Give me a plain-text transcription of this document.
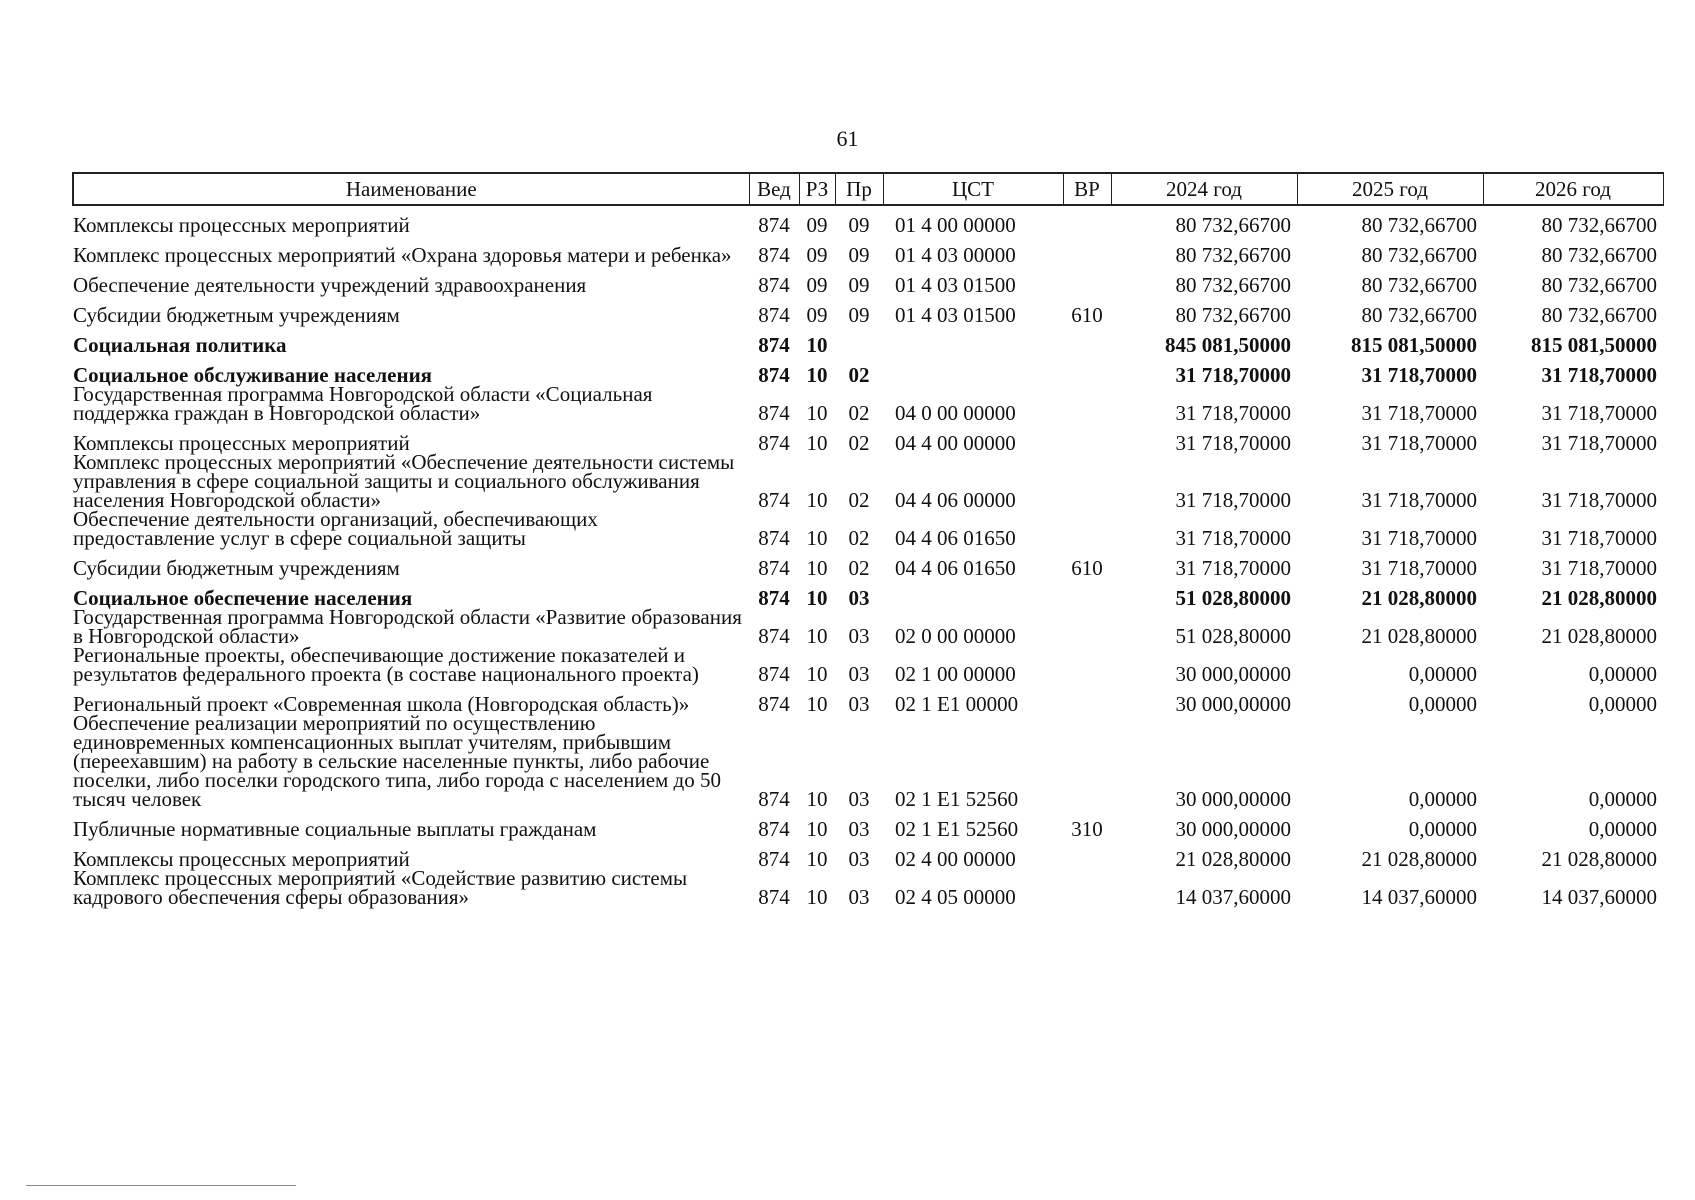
61
Наименование	Вед	РЗ	Пр	ЦСТ	ВР	2024 год	2025 год	2026 год
Комплексы процессных мероприятий	874	09	09	01 4 00 00000		80 732,66700	80 732,66700	80 732,66700
Комплекс процессных мероприятий «Охрана здоровья матери и ребенка»	874	09	09	01 4 03 00000		80 732,66700	80 732,66700	80 732,66700
Обеспечение деятельности учреждений здравоохранения	874	09	09	01 4 03 01500		80 732,66700	80 732,66700	80 732,66700
Субсидии бюджетным учреждениям	874	09	09	01 4 03 01500	610	80 732,66700	80 732,66700	80 732,66700
Социальная политика	874	10				845 081,50000	815 081,50000	815 081,50000
Социальное обслуживание населения	874	10	02			31 718,70000	31 718,70000	31 718,70000
Государственная программа Новгородской области «Социальная поддержка граждан в Новгородской области»	874	10	02	04 0 00 00000		31 718,70000	31 718,70000	31 718,70000
Комплексы процессных мероприятий	874	10	02	04 4 00 00000		31 718,70000	31 718,70000	31 718,70000
Комплекс процессных мероприятий «Обеспечение деятельности системы управления в сфере социальной защиты и социального обслуживания населения Новгородской области»	874	10	02	04 4 06 00000		31 718,70000	31 718,70000	31 718,70000
Обеспечение деятельности организаций, обеспечивающих предоставление услуг в сфере социальной защиты	874	10	02	04 4 06 01650		31 718,70000	31 718,70000	31 718,70000
Субсидии бюджетным учреждениям	874	10	02	04 4 06 01650	610	31 718,70000	31 718,70000	31 718,70000
Социальное обеспечение населения	874	10	03			51 028,80000	21 028,80000	21 028,80000
Государственная программа Новгородской области «Развитие образования в Новгородской области»	874	10	03	02 0 00 00000		51 028,80000	21 028,80000	21 028,80000
Региональные проекты, обеспечивающие достижение показателей и результатов федерального проекта (в составе национального проекта)	874	10	03	02 1 00 00000		30 000,00000	0,00000	0,00000
Региональный проект «Современная школа (Новгородская область)»	874	10	03	02 1 Е1 00000		30 000,00000	0,00000	0,00000
Обеспечение реализации мероприятий по осуществлению единовременных компенсационных выплат учителям, прибывшим (переехавшим) на работу в сельские населенные пункты, либо рабочие поселки, либо поселки городского типа, либо города с населением до 50 тысяч человек	874	10	03	02 1 Е1 52560		30 000,00000	0,00000	0,00000
Публичные нормативные социальные выплаты гражданам	874	10	03	02 1 Е1 52560	310	30 000,00000	0,00000	0,00000
Комплексы процессных мероприятий	874	10	03	02 4 00 00000		21 028,80000	21 028,80000	21 028,80000
Комплекс процессных мероприятий «Содействие развитию системы кадрового обеспечения сферы образования»	874	10	03	02 4 05 00000		14 037,60000	14 037,60000	14 037,60000
